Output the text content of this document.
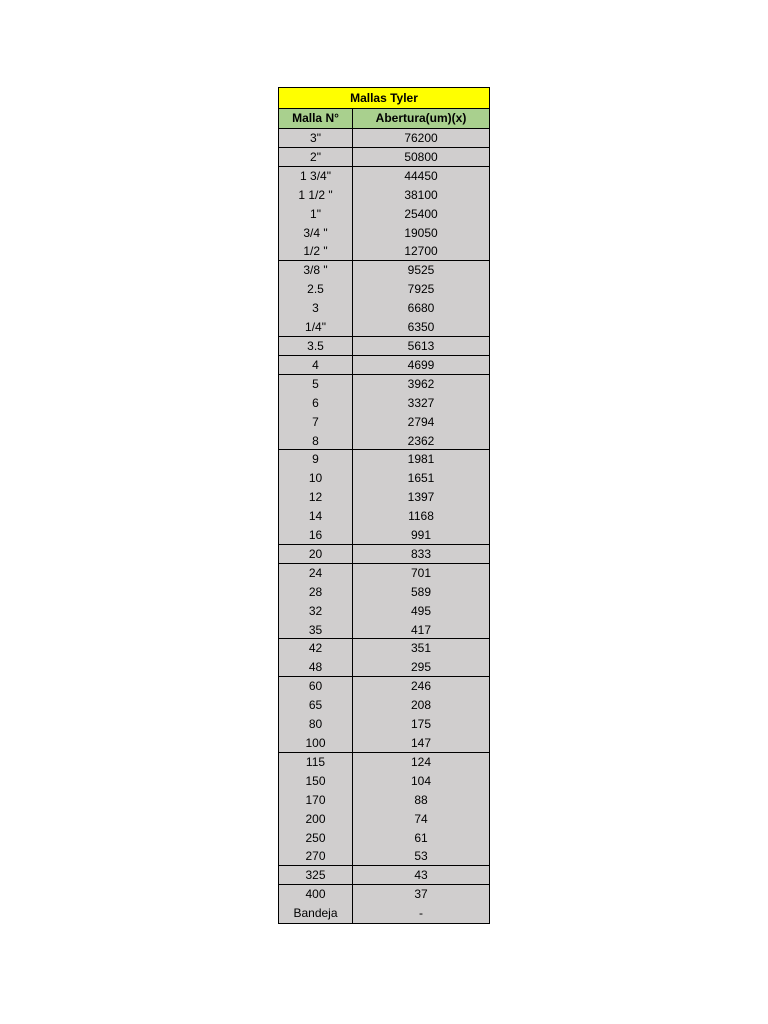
Mallas Tyler
Malla N°	Abertura(um)(x)
3"	76200
2"	50800
1 3/4"	44450
1 1/2 "	38100
1"	25400
3/4 "	19050
1/2 "	12700
3/8 "	9525
2.5	7925
3	6680
1/4"	6350
3.5	5613
4	4699
5	3962
6	3327
7	2794
8	2362
9	1981
10	1651
12	1397
14	1168
16	991
20	833
24	701
28	589
32	495
35	417
42	351
48	295
60	246
65	208
80	175
100	147
115	124
150	104
170	88
200	74
250	61
270	53
325	43
400	37
Bandeja	-
